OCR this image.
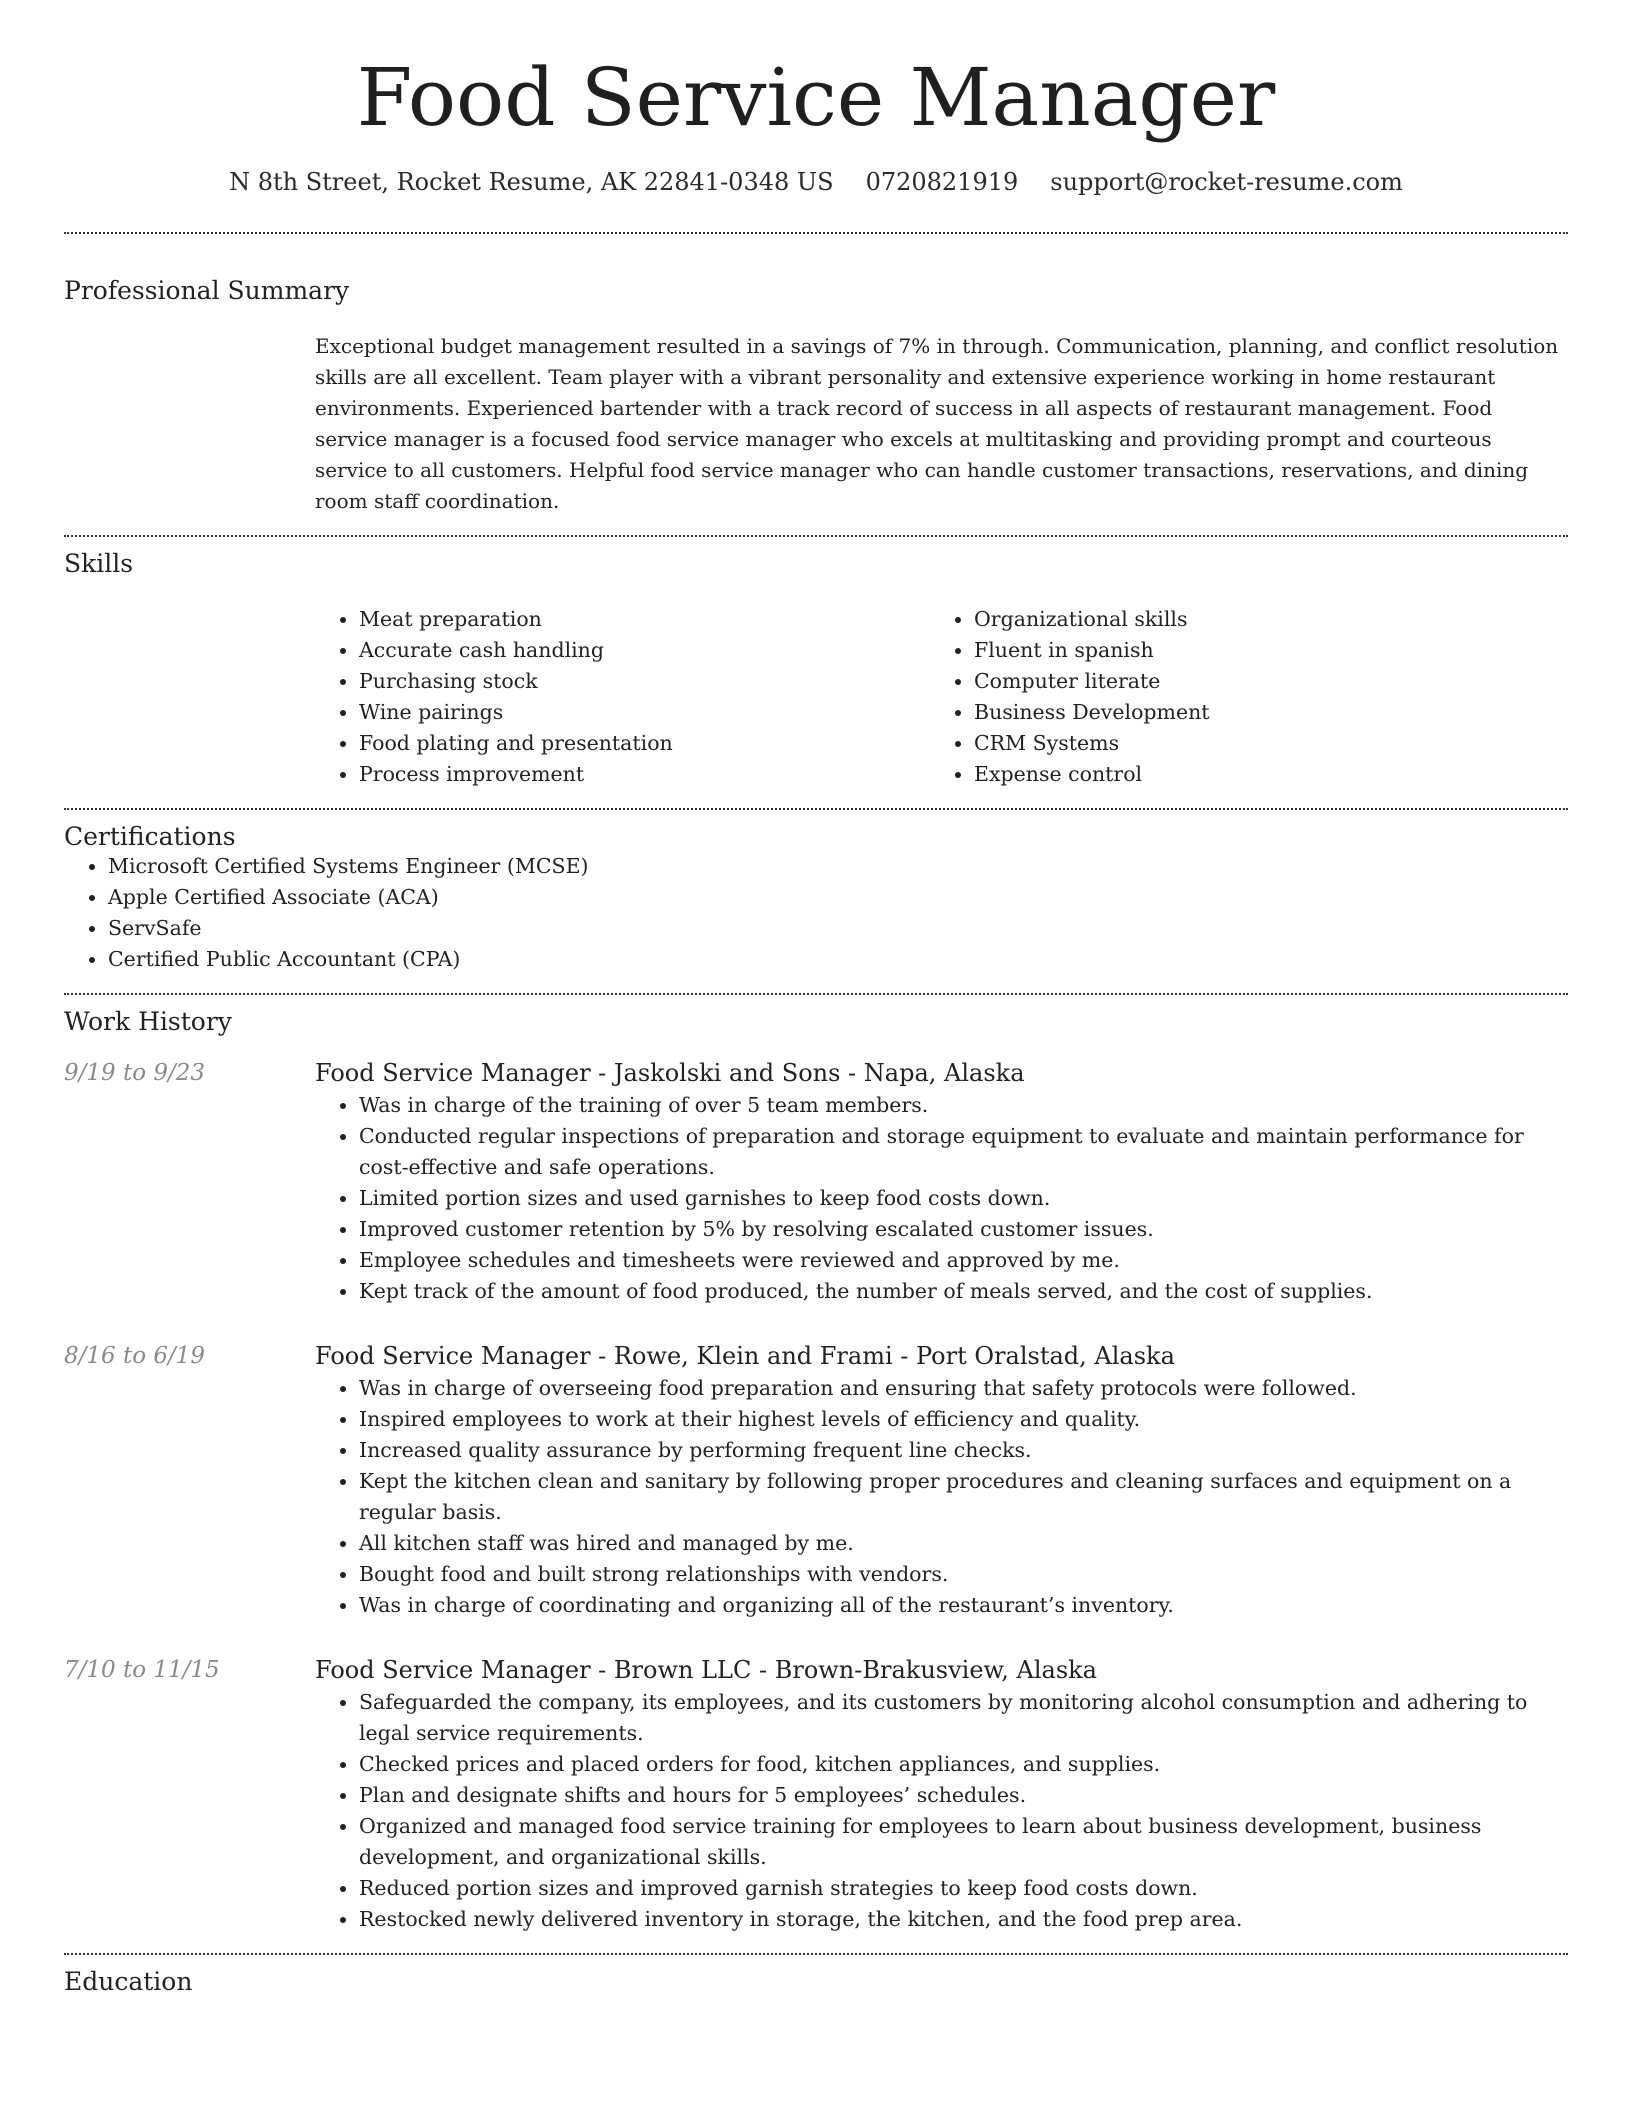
Food Service Manager
N 8th Street, Rocket Resume, AK 22841-0348 US 0720821919 support@rocket-resume.com
Professional Summary

Exceptional budget management resulted in a savings of 7% in through. Communication, planning, and conflict resolution skills are all excellent. Team player with a vibrant personality and extensive experience working in home restaurant environments. Experienced bartender with a track record of success in all aspects of restaurant management. Food service manager is a focused food service manager who excels at multitasking and providing prompt and courteous service to all customers. Helpful food service manager who can handle customer transactions, reservations, and dining room staff coordination.

Skills
• Meat preparation
• Accurate cash handling
• Purchasing stock
• Wine pairings
• Food plating and presentation
• Process improvement
• Organizational skills
• Fluent in spanish
• Computer literate
• Business Development
• CRM Systems
• Expense control
Certifications
• Microsoft Certified Systems Engineer (MCSE)
• Apple Certified Associate (ACA)
• ServSafe
• Certified Public Accountant (CPA)
Work History
9/19 to 9/23	Food Service Manager - Jaskolski and Sons - Napa, Alaska
• Was in charge of the training of over 5 team members.
• Conducted regular inspections of preparation and storage equipment to evaluate and maintain performance for cost-effective and safe operations.
• Limited portion sizes and used garnishes to keep food costs down.
• Improved customer retention by 5% by resolving escalated customer issues.
• Employee schedules and timesheets were reviewed and approved by me.
• Kept track of the amount of food produced, the number of meals served, and the cost of supplies.
8/16 to 6/19	Food Service Manager - Rowe, Klein and Frami - Port Oralstad, Alaska
• Was in charge of overseeing food preparation and ensuring that safety protocols were followed.
• Inspired employees to work at their highest levels of efficiency and quality.
• Increased quality assurance by performing frequent line checks.
• Kept the kitchen clean and sanitary by following proper procedures and cleaning surfaces and equipment on a regular basis.
• All kitchen staff was hired and managed by me.
• Bought food and built strong relationships with vendors.
• Was in charge of coordinating and organizing all of the restaurant’s inventory.
7/10 to 11/15	Food Service Manager - Brown LLC - Brown-Brakusview, Alaska
• Safeguarded the company, its employees, and its customers by monitoring alcohol consumption and adhering to legal service requirements.
• Checked prices and placed orders for food, kitchen appliances, and supplies.
• Plan and designate shifts and hours for 5 employees’ schedules.
• Organized and managed food service training for employees to learn about business development, business development, and organizational skills.
• Reduced portion sizes and improved garnish strategies to keep food costs down.
• Restocked newly delivered inventory in storage, the kitchen, and the food prep area.
Education
